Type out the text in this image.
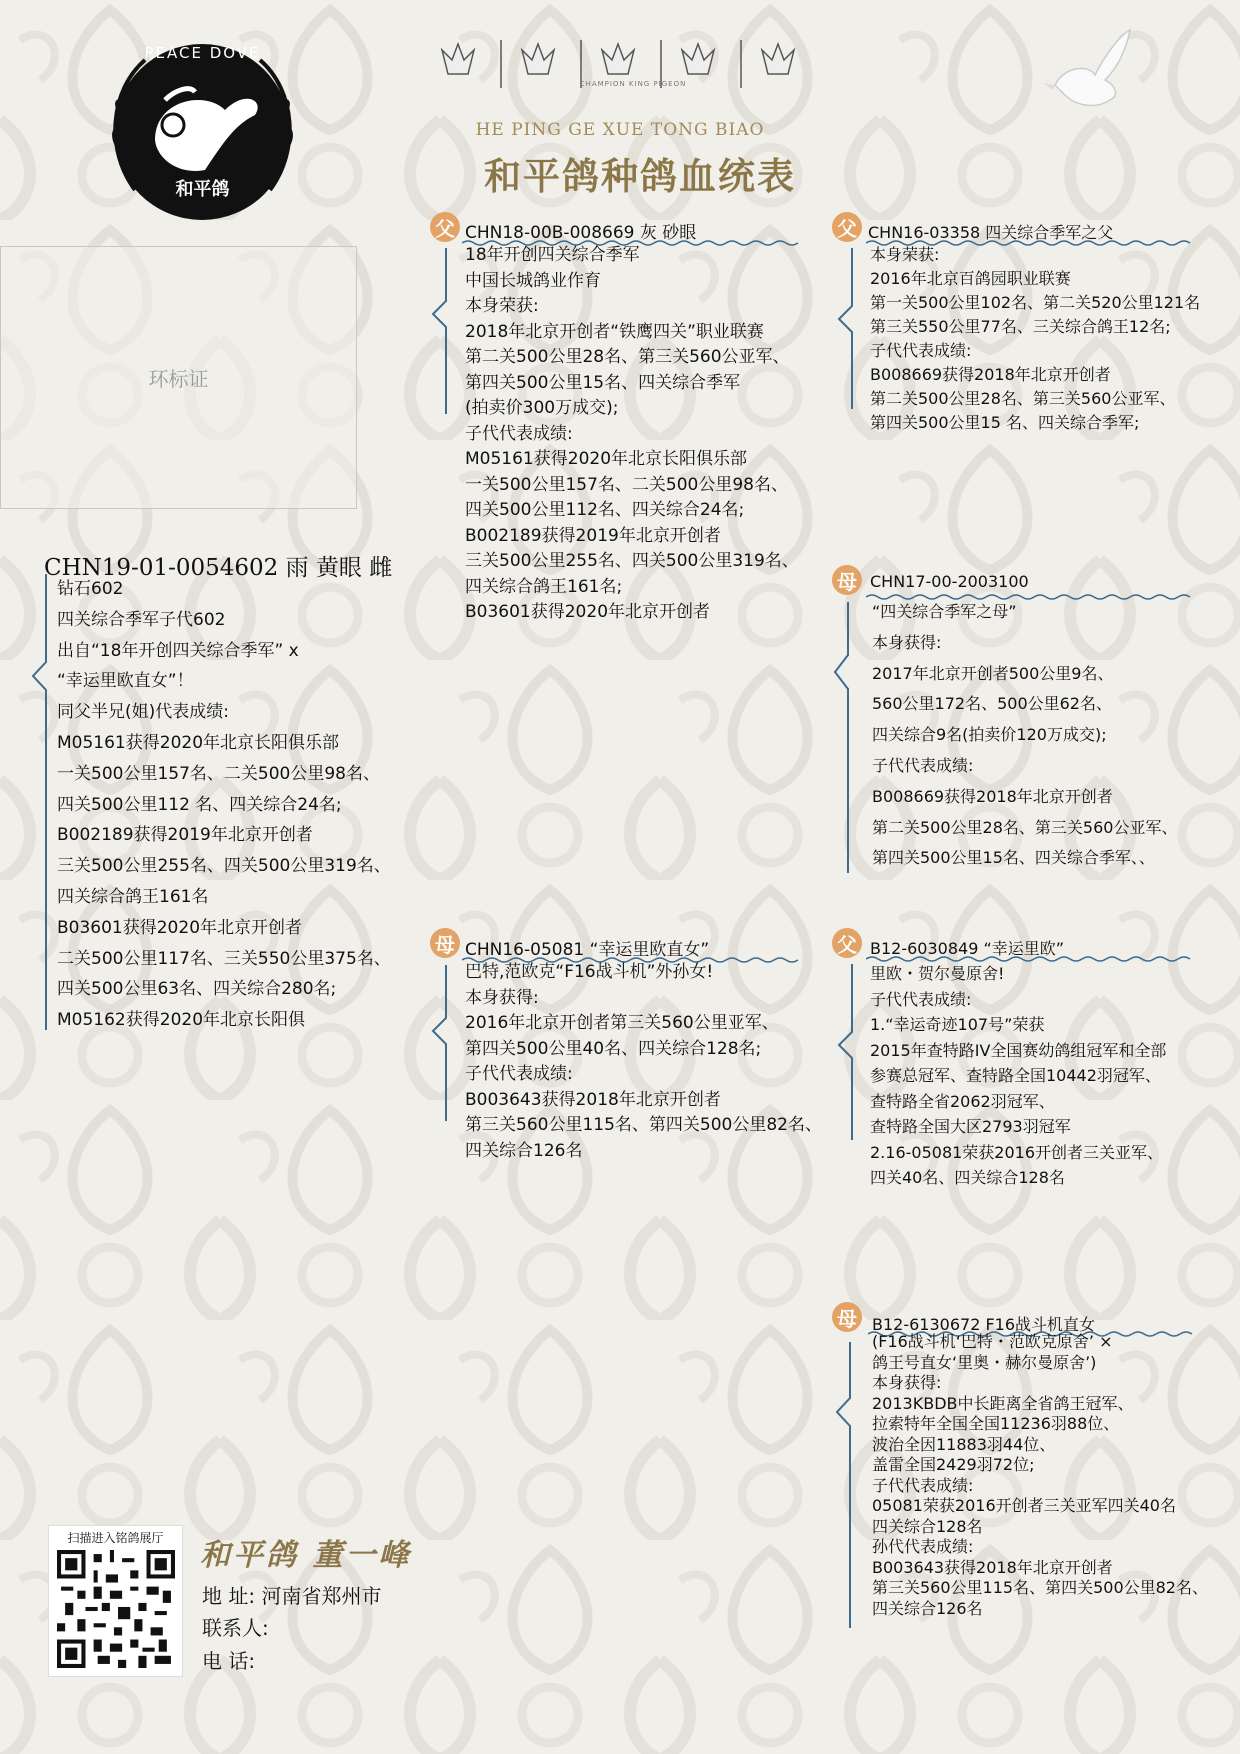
PEACE DOVE
和平鸽
CHAMPION KING PIGEON
HE PING GE XUE TONG BIAO
和平鸽种鸽血统表
环标证
CHN19-01-0054602 雨 黄眼 雌
钻石602
四关综合季军子代602
出自“18年开创四关综合季军” x
“幸运里欧直女”！
同父半兄(姐)代表成绩:
M05161获得2020年北京长阳俱乐部
一关500公里157名、二关500公里98名、
四关500公里112 名、四关综合24名;
B002189获得2019年北京开创者
三关500公里255名、四关500公里319名、
四关综合鸽王161名
B03601获得2020年北京开创者
二关500公里117名、三关550公里375名、
四关500公里63名、四关综合280名;
M05162获得2020年北京长阳俱
父 CHN18-00B-008669 灰 砂眼
18年开创四关综合季军
中国长城鸽业作育
本身荣获:
2018年北京开创者“铁鹰四关”职业联赛
第二关500公里28名、第三关560公亚军、
第四关500公里15名、四关综合季军
(拍卖价300万成交);
子代代表成绩:
M05161获得2020年北京长阳俱乐部
一关500公里157名、二关500公里98名、
四关500公里112名、四关综合24名;
B002189获得2019年北京开创者
三关500公里255名、四关500公里319名、
四关综合鸽王161名;
B03601获得2020年北京开创者
父 CHN16-03358 四关综合季军之父
本身荣获:
2016年北京百鸽园职业联赛
第一关500公里102名、第二关520公里121名
第三关550公里77名、三关综合鸽王12名;
子代代表成绩:
B008669获得2018年北京开创者
第二关500公里28名、第三关560公亚军、
第四关500公里15 名、四关综合季军;
母 CHN17-00-2003100
“四关综合季军之母”
本身获得:
2017年北京开创者500公里9名、
560公里172名、500公里62名、
四关综合9名(拍卖价120万成交);
子代代表成绩:
B008669获得2018年北京开创者
第二关500公里28名、第三关560公亚军、
第四关500公里15名、四关综合季军、、
母 CHN16-05081 “幸运里欧直女”
巴特,范欧克“F16战斗机”外孙女!
本身获得:
2016年北京开创者第三关560公里亚军、
第四关500公里40名、四关综合128名;
子代代表成绩:
B003643获得2018年北京开创者
第三关560公里115名、第四关500公里82名、
四关综合126名
父 B12-6030849 “幸运里欧”
里欧・贺尔曼原舍!
子代代表成绩:
1.“幸运奇迹107号”荣获
2015年查特路IV全国赛幼鸽组冠军和全部
参赛总冠军、查特路全国10442羽冠军、
查特路全省2062羽冠军、
查特路全国大区2793羽冠军
2.16-05081荣获2016开创者三关亚军、
四关40名、四关综合128名
母 B12-6130672 F16战斗机直女
(F16战斗机‘巴特・范欧克原舍’ ×
鸽王号直女‘里奥・赫尔曼原舍’)
本身获得:
2013KBDB中长距离全省鸽王冠军、
拉索特年全国全国11236羽88位、
波治全因11883羽44位、
盖雷全国2429羽72位;
子代代表成绩:
05081荣获2016开创者三关亚军四关40名
四关综合128名
孙代代表成绩:
B003643获得2018年北京开创者
第三关560公里115名、第四关500公里82名、
四关综合126名
扫描进入铭鸽展厅	和平鸽 董一峰
地 址: 河南省郑州市
联系人:
电 话:
